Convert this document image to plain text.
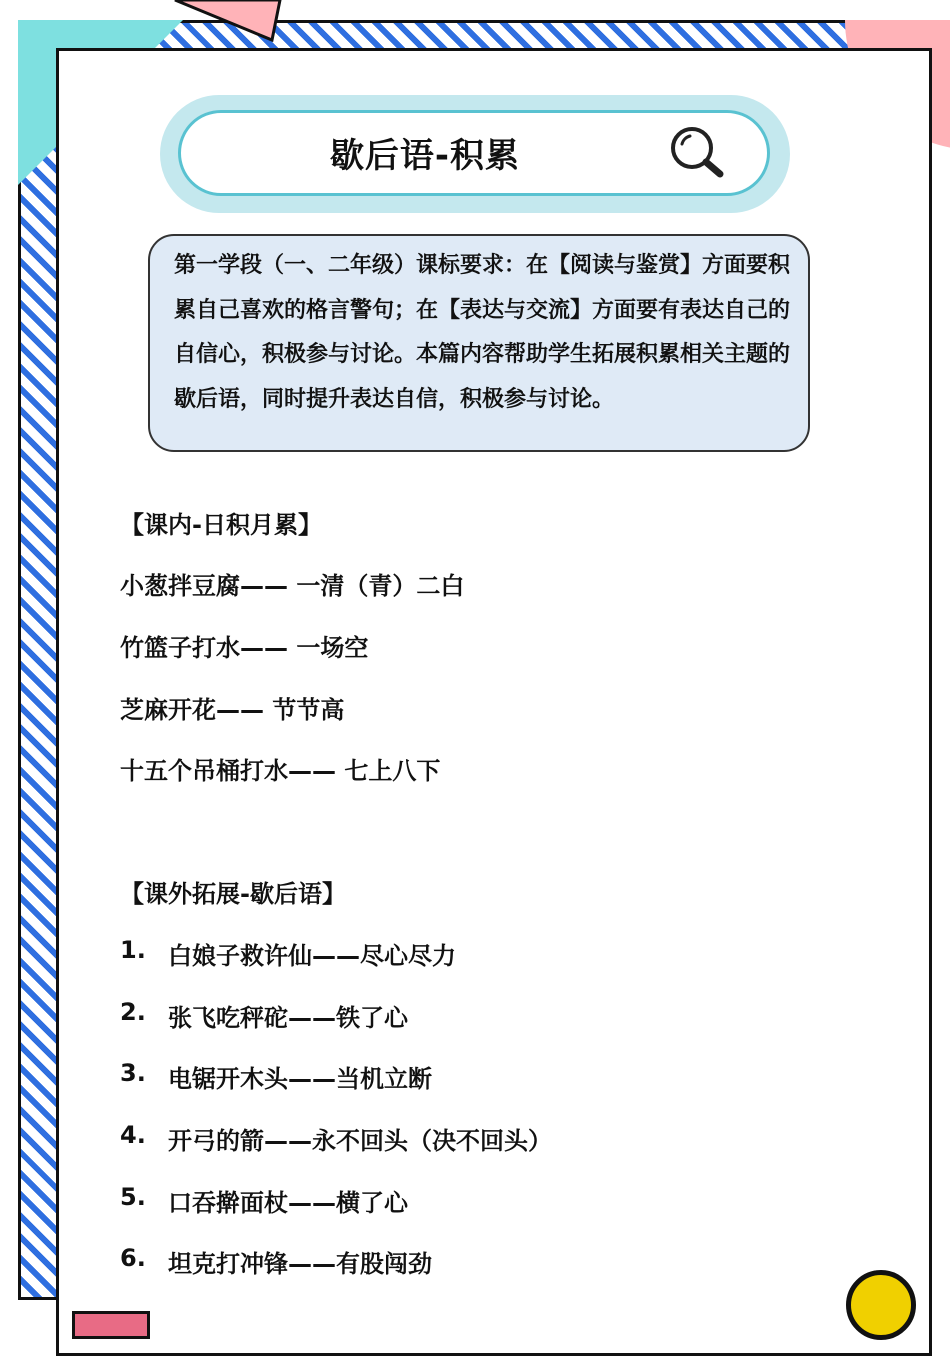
歇后语-积累
第一学段（一、二年级）课标要求：在【阅读与鉴赏】方面要积累自己喜欢的格言警句；在【表达与交流】方面要有表达自己的自信心，积极参与讨论。本篇内容帮助学生拓展积累相关主题的歇后语，同时提升表达自信，积极参与讨论。
【课内-日积月累】
小葱拌豆腐—— 一清（青）二白
竹篮子打水—— 一场空
芝麻开花—— 节节高
十五个吊桶打水—— 七上八下
【课外拓展-歇后语】
1. 白娘子救许仙——尽心尽力
2. 张飞吃秤砣——铁了心
3. 电锯开木头——当机立断
4. 开弓的箭——永不回头（决不回头）
5. 口吞擀面杖——横了心
6. 坦克打冲锋——有股闯劲
